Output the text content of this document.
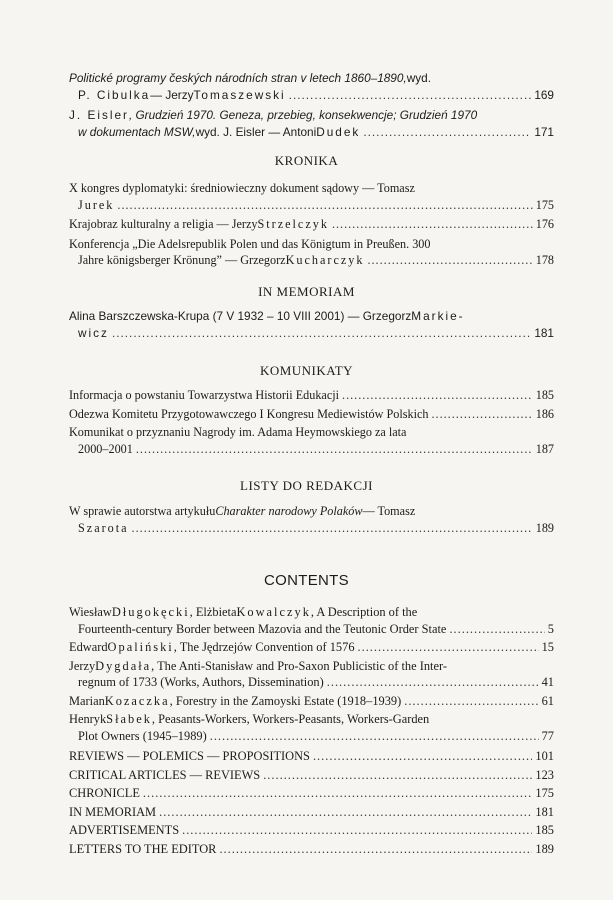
Politické programy českých národních stran v letech 1860–1890, wyd.
P. Cibulka — Jerzy Tomaszewski .....	169
J. Eisler , Grudzień 1970. Geneza, przebieg, konsekwencje; Grudzień 1970
w dokumentach MSW, wyd. J. Eisler — Antoni Dudek .....	171
KRONIKA
X kongres dyplomatyki: średniowieczny dokument sądowy — Tomasz
Jurek .....	175
Krajobraz kulturalny a religia — Jerzy Strzelczyk .....	176
Konferencja „Die Adelsrepublik Polen und das Königtum in Preußen. 300
Jahre königsberger Krönung” — Grzegorz Kucharczyk .....	178
IN MEMORIAM
Alina Barszczewska-Krupa (7 V 1932 – 10 VIII 2001) — Grzegorz Markie-
wicz .....	181
KOMUNIKATY
Informacja o powstaniu Towarzystwa Historii Edukacji .....	185
Odezwa Komitetu Przygotowawczego I Kongresu Mediewistów Polskich .....	186
Komunikat o przyznaniu Nagrody im. Adama Heymowskiego za lata
2000–2001 .....	187
LISTY DO REDAKCJI
W sprawie autorstwa artykułu Charakter narodowy Polaków — Tomasz
Szarota .....	189
CONTENTS
Wiesław Długokęcki , Elżbieta Kowalczyk , A Description of the
Fourteenth-century Border between Mazovia and the Teutonic Order State .....	5
Edward Opaliński , The Jędrzejów Convention of 1576 .....	15
Jerzy Dygdała , The Anti-Stanisław and Pro-Saxon Publicistic of the Inter-
regnum of 1733 (Works, Authors, Dissemination) .....	41
Marian Kozaczka , Forestry in the Zamoyski Estate (1918–1939) .....	61
Henryk Słabek , Peasants-Workers, Workers-Peasants, Workers-Garden
Plot Owners (1945–1989) .....	77
REVIEWS — POLEMICS — PROPOSITIONS .....	101
CRITICAL ARTICLES — REVIEWS .....	123
CHRONICLE .....	175
IN MEMORIAM .....	181
ADVERTISEMENTS .....	185
LETTERS TO THE EDITOR .....	189
